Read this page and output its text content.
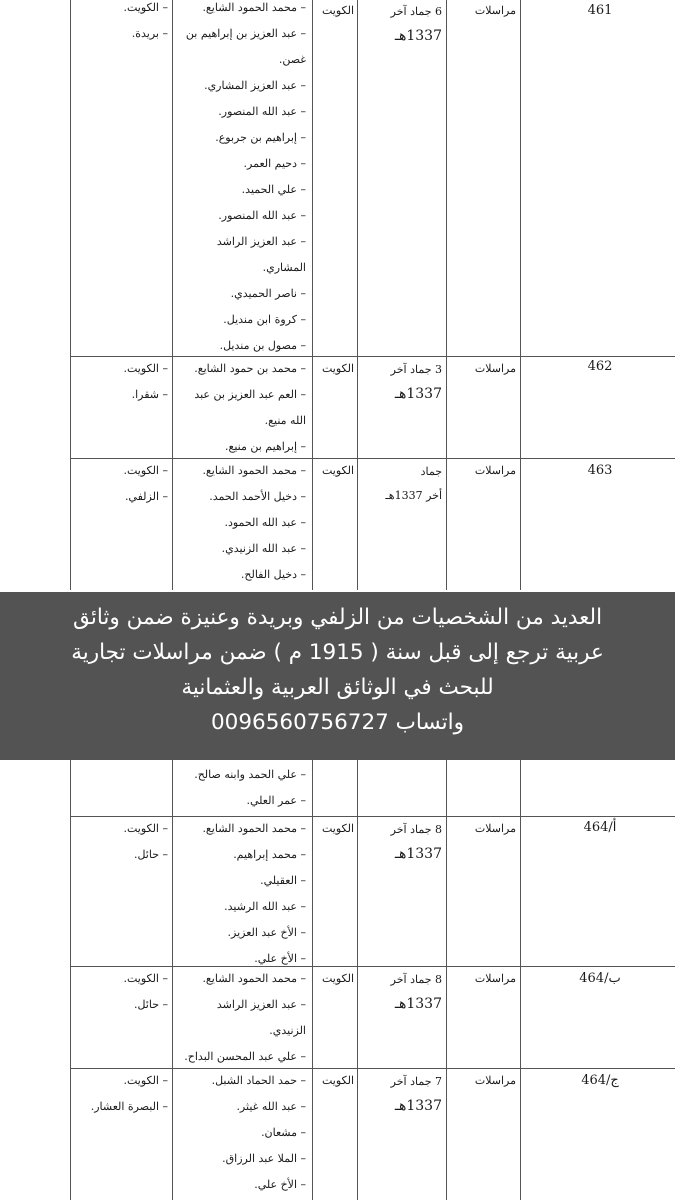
461
مراسلات
6 جماد آخر
1337هـ
الكويت
– محمد الحمود الشايع.
– عبد العزيز بن إبراهيم بن
غصن.
– عبد العزيز المشاري.
– عبد الله المنصور.
– إبراهيم بن جربوع.
– دحيم العمر.
– علي الحميد.
– عبد الله المنصور.
– عبد العزيز الراشد
المشاري.
– ناصر الحميدي.
– كروة ابن منديل.
– مصول بن منديل.
– الكويت.
– بريدة.
462
مراسلات
3 جماد آخر
1337هـ
الكويت
– محمد بن حمود الشايع.
– العم عبد العزيز بن عبد
الله منيع.
– إبراهيم بن منيع.
– الكويت.
– شقرا.
463
مراسلات
جماد
أخر 1337هـ
الكويت
– محمد الحمود الشايع.
– دخيل الأحمد الحمد.
– عبد الله الحمود.
– عبد الله الزنيدي.
– دخيل الفالح.
– الكويت.
– الزلفي.
– علي الحمد وابنه صالح.
– عمر العلي.
464/أ
مراسلات
8 جماد آخر
1337هـ
الكويت
– محمد الحمود الشايع.
– محمد إبراهيم.
– العقيلي.
– عبد الله الرشيد.
– الأخ عبد العزيز.
– الأخ علي.
– الكويت.
– حائل.
464/ب
مراسلات
8 جماد آخر
1337هـ
الكويت
– محمد الحمود الشايع.
– عبد العزيز الراشد
الزنيدي.
– علي عبد المحسن البداح.
– الكويت.
– حائل.
464/ج
مراسلات
7 جماد آخر
1337هـ
الكويت
– حمد الحماد الشبل.
– عبد الله غيثر.
– مشعان.
– الملا عبد الرزاق.
– الأخ علي.
– الكويت.
– البصرة العشار.
العديد من الشخصيات من الزلفي وبريدة وعنيزة ضمن وثائق
عربية ترجع إلى قبل سنة ( 1915 م ) ضمن مراسلات تجارية
للبحث في الوثائق العربية والعثمانية
واتساب 0096560756727
